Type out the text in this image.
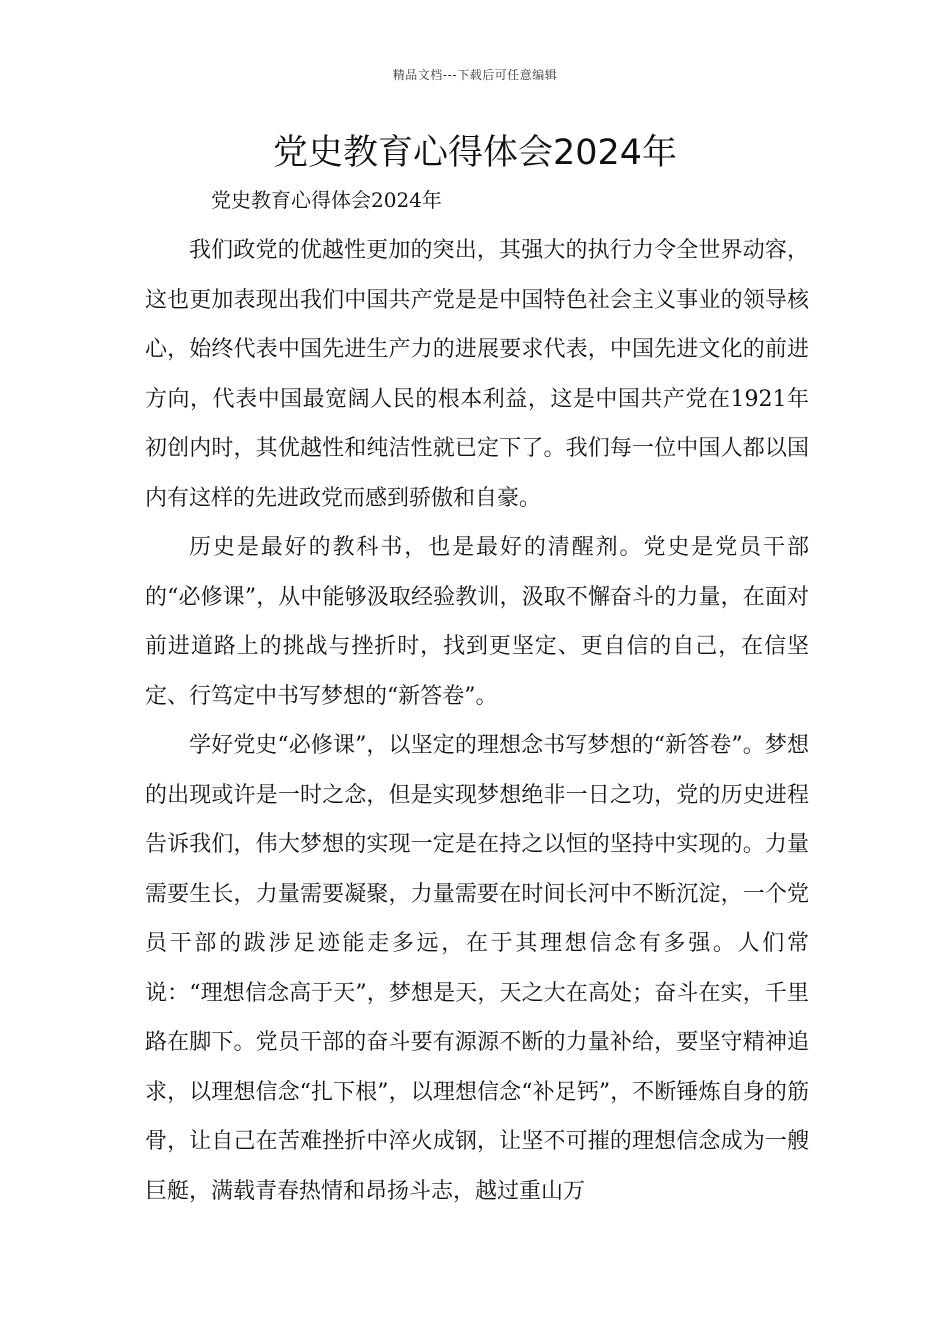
精品文档---下载后可任意编辑
党史教育心得体会2024年

党史教育心得体会2024年

我们政党的优越性更加的突出，其强大的执行力令全世界动容，这也更加表现出我们中国共产党是是中国特色社会主义事业的领导核心，始终代表中国先进生产力的进展要求代表，中国先进文化的前进方向，代表中国最宽阔人民的根本利益，这是中国共产党在1921年初创内时，其优越性和纯洁性就已定下了。我们每一位中国人都以国内有这样的先进政党而感到骄傲和自豪。

历史是最好的教科书，也是最好的清醒剂。党史是党员干部的“必修课”，从中能够汲取经验教训，汲取不懈奋斗的力量，在面对前进道路上的挑战与挫折时，找到更坚定、更自信的自己，在信坚定、行笃定中书写梦想的“新答卷”。

学好党史“必修课”，以坚定的理想念书写梦想的“新答卷”。梦想的出现或许是一时之念，但是实现梦想绝非一日之功，党的历史进程告诉我们，伟大梦想的实现一定是在持之以恒的坚持中实现的。力量需要生长，力量需要凝聚，力量需要在时间长河中不断沉淀，一个党员干部的跋涉足迹能走多远，在于其理想信念有多强。人们常说：“理想信念高于天”，梦想是天，天之大在高处；奋斗在实，千里路在脚下。党员干部的奋斗要有源源不断的力量补给，要坚守精神追求，以理想信念“扎下根”，以理想信念“补足钙”，不断锤炼自身的筋骨，让自己在苦难挫折中淬火成钢，让坚不可摧的理想信念成为一艘巨艇，满载青春热情和昂扬斗志，越过重山万
